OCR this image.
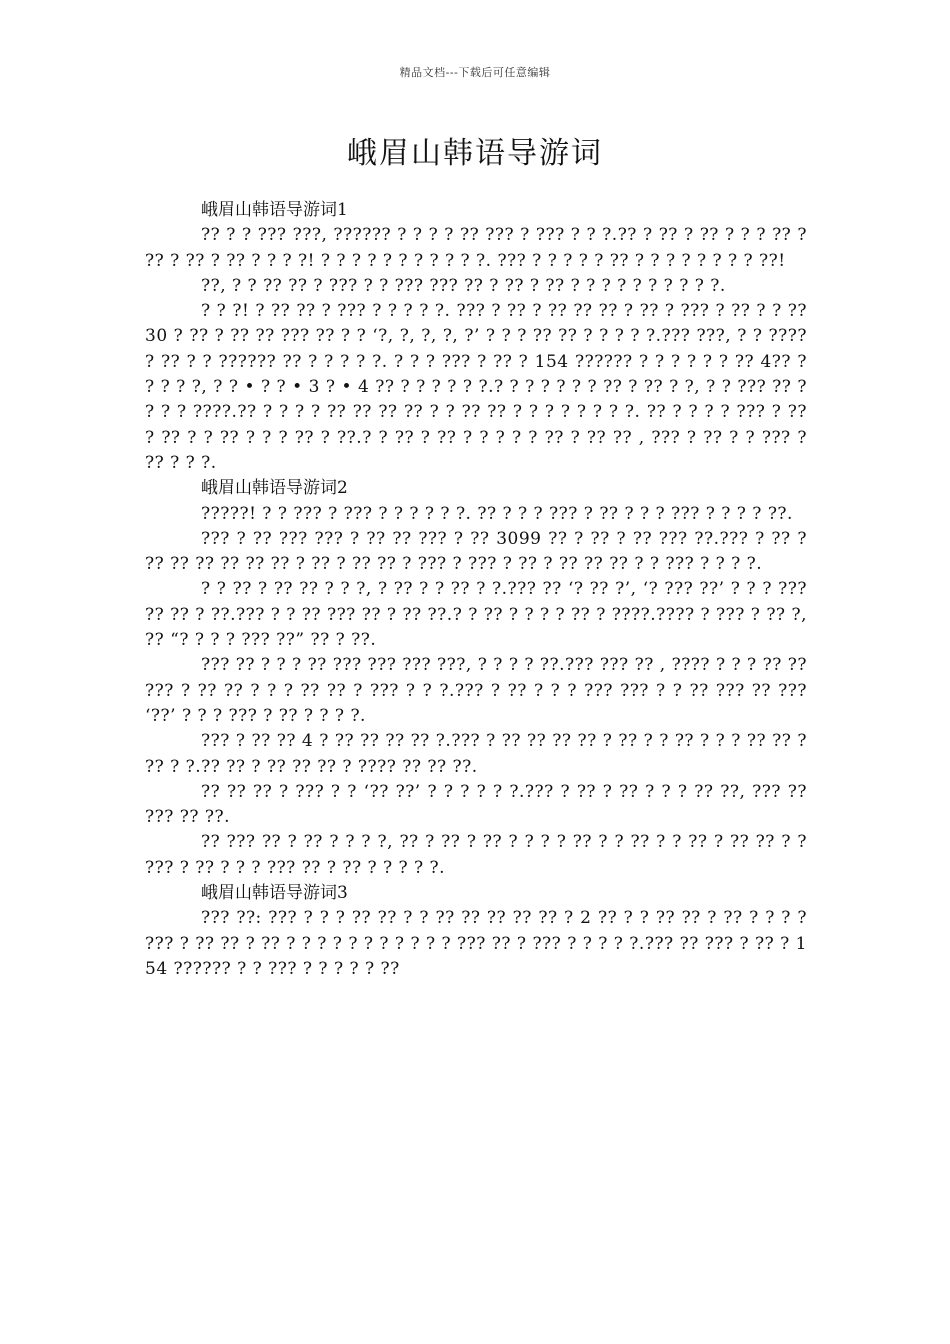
精品文档---下载后可任意编辑
峨眉山韩语导游词

峨眉山韩语导游词1

?? ? ? ??? ???, ?????? ? ? ? ? ?? ??? ? ??? ? ? ?.?? ? ?? ? ?? ? ? ? ?? ? ?? ? ?? ? ?? ? ? ? ?! ? ? ? ? ? ? ? ? ? ? ?. ??? ? ? ? ? ? ?? ? ? ? ? ? ? ? ? ??!

??, ? ? ?? ?? ? ??? ? ? ??? ??? ?? ? ?? ? ?? ? ? ? ? ? ? ? ? ? ?.

? ? ?! ? ?? ?? ? ??? ? ? ? ? ?. ??? ? ?? ? ?? ?? ?? ? ?? ? ??? ? ?? ? ? ??30 ? ?? ? ?? ?? ??? ?? ? ? ‘?, ?, ?, ?, ?’ ? ? ? ?? ?? ? ? ? ? ?.??? ???, ? ? ???? ? ?? ? ? ?????? ?? ? ? ? ? ?. ? ? ? ??? ? ?? ? 154 ?????? ? ? ? ? ? ? ?? 4?? ? ? ? ? ?, ? ? • ? ? • 3 ? • 4 ?? ? ? ? ? ? ?.? ? ? ? ? ? ? ?? ? ?? ? ?, ? ? ??? ?? ? ? ? ? ????.?? ? ? ? ? ?? ?? ?? ?? ? ? ?? ?? ? ? ? ? ? ? ? ?. ?? ? ? ? ? ??? ? ?? ? ?? ? ? ?? ? ? ? ?? ? ??.? ? ?? ? ?? ? ? ? ? ? ?? ? ?? ?? , ??? ? ?? ? ? ??? ? ?? ? ? ?.

峨眉山韩语导游词2

?????! ? ? ??? ? ??? ? ? ? ? ? ?. ?? ? ? ? ??? ? ?? ? ? ? ??? ? ? ? ? ??.

??? ? ?? ??? ??? ? ?? ?? ??? ? ?? 3099 ?? ? ?? ? ?? ??? ??.??? ? ?? ? ?? ?? ?? ?? ?? ?? ? ?? ? ?? ?? ? ??? ? ??? ? ?? ? ?? ?? ?? ? ? ??? ? ? ? ?.

? ? ?? ? ?? ?? ? ? ?, ? ?? ? ? ?? ? ?.??? ?? ‘? ?? ?’, ‘? ??? ??’ ? ? ? ??? ?? ?? ? ??.??? ? ? ?? ??? ?? ? ?? ??.? ? ?? ? ? ? ? ?? ? ????.???? ? ??? ? ?? ?, ?? “? ? ? ? ??? ??” ?? ? ??.

??? ?? ? ? ? ?? ??? ??? ??? ???, ? ? ? ? ??.??? ??? ?? , ???? ? ? ? ?? ?? ??? ? ?? ?? ? ? ? ?? ?? ? ??? ? ? ?.??? ? ?? ? ? ? ??? ??? ? ? ?? ??? ?? ??? ‘??’ ? ? ? ??? ? ?? ? ? ? ?.

??? ? ?? ?? 4 ? ?? ?? ?? ?? ?.??? ? ?? ?? ?? ?? ? ?? ? ? ?? ? ? ? ?? ?? ? ?? ? ?.?? ?? ? ?? ?? ?? ? ???? ?? ?? ??.

?? ?? ?? ? ??? ? ? ‘?? ??’ ? ? ? ? ? ?.??? ? ?? ? ?? ? ? ? ?? ??, ??? ?? ??? ?? ??.

?? ??? ?? ? ?? ? ? ? ?, ?? ? ?? ? ?? ? ? ? ? ?? ? ? ?? ? ? ?? ? ?? ?? ? ? ??? ? ?? ? ? ? ??? ?? ? ?? ? ? ? ? ?.

峨眉山韩语导游词3

??? ??: ??? ? ? ? ?? ?? ? ? ?? ?? ?? ?? ?? ? 2 ?? ? ? ?? ?? ? ?? ? ? ? ? ??? ? ?? ?? ? ?? ? ? ? ? ? ? ? ? ? ? ? ??? ?? ? ??? ? ? ? ? ?.??? ?? ??? ? ?? ? 154 ?????? ? ? ??? ? ? ? ? ? ??
